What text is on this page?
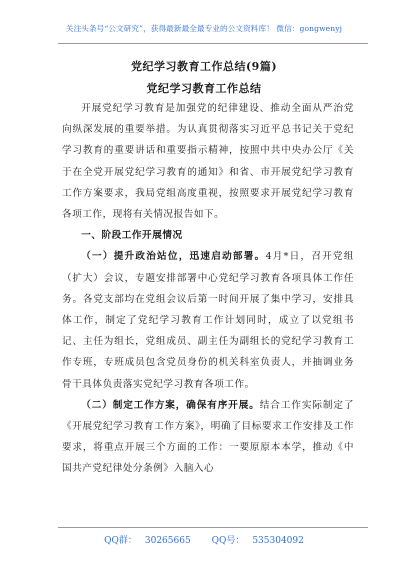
关注头条号“公文研究”，获得最新最全最专业的公文资料库！ 微信：gongwenyj
党纪学习教育工作总结(9篇)
党纪学习教育工作总结

开展党纪学习教育是加强党的纪律建设、推动全面从严治党向纵深发展的重要举措。为认真贯彻落实习近平总书记关于党纪学习教育的重要讲话和重要指示精神，按照中共中央办公厅《关于在全党开展党纪学习教育的通知》和省、市开展党纪学习教育工作方案要求，我局党组高度重视，按照要求开展党纪学习教育各项工作，现将有关情况报告如下。

一、阶段工作开展情况

（一）提升政治站位，迅速启动部署。4月*日，召开党组（扩大）会议，专题安排部署中心党纪学习教育各项具体工作任务。各党支部均在党组会议后第一时间开展了集中学习，安排具体工作，制定了党纪学习教育工作计划同时，成立了以党组书记、主任为组长，党组成员、副主任为副组长的党纪学习教育工作专班，专班成员包含党员身份的机关科室负责人，并抽调业务骨干具体负责落实党纪学习教育各项工作。

（二）制定工作方案，确保有序开展。结合工作实际制定了《开展党纪学习教育工作方案》，明确了目标要求工作安排及工作要求，将重点开展三个方面的工作：一要原原本本学，推动《中国共产党纪律处分条例》入脑入心

QQ群： 30265665 QQ号： 535304092
